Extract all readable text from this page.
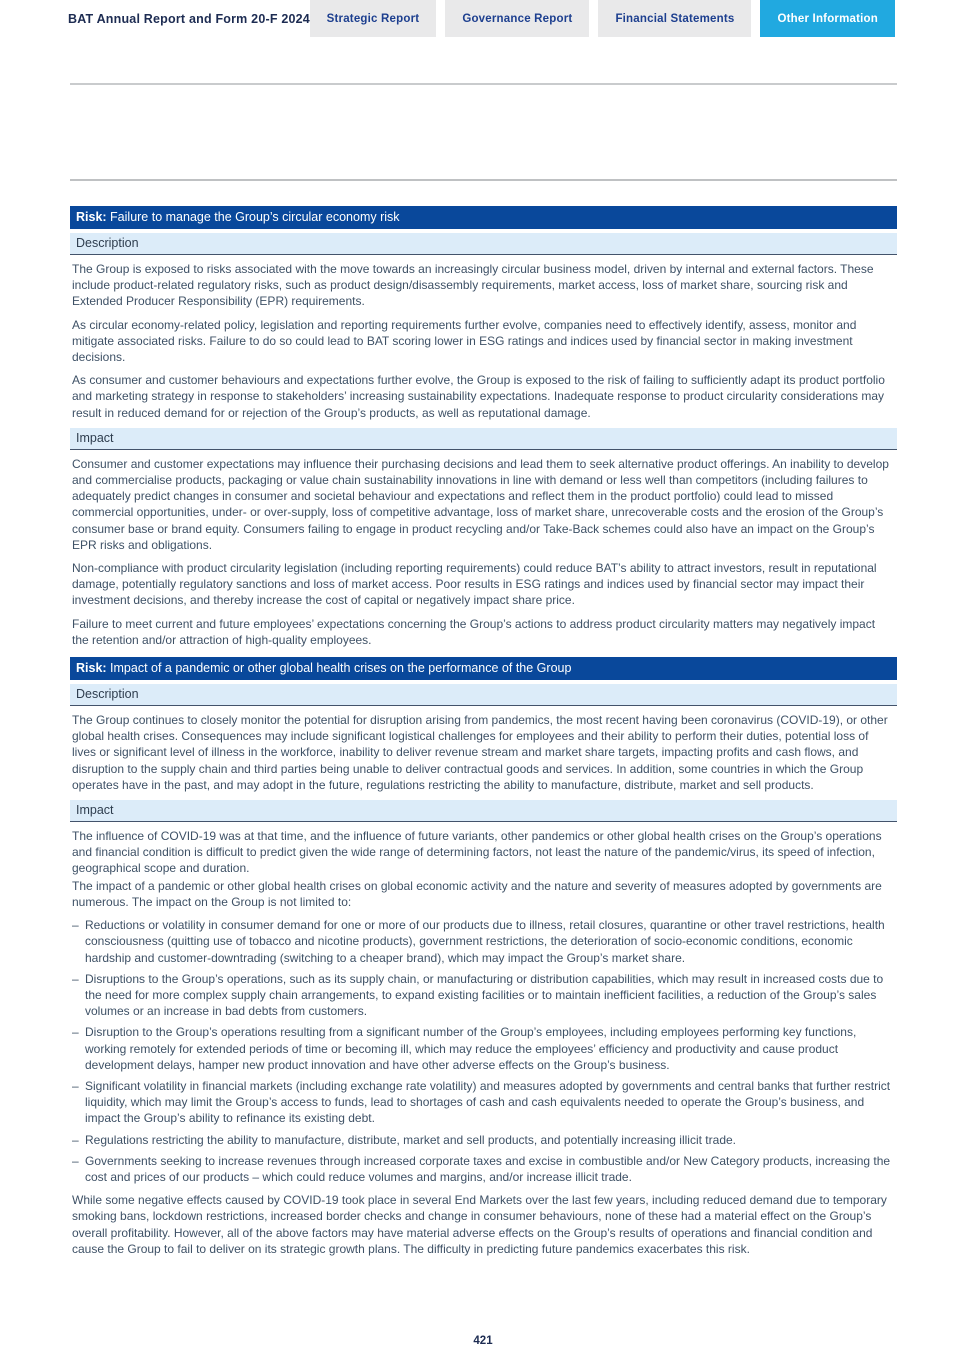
BAT Annual Report and Form 20-F 2024	Strategic Report	Governance Report	Financial Statements	Other Information
Risk: Failure to manage the Group’s circular economy risk
Description

The Group is exposed to risks associated with the move towards an increasingly circular business model, driven by internal and external factors. These include product-related regulatory risks, such as product design/disassembly requirements, market access, loss of market share, sourcing risk and Extended Producer Responsibility (EPR) requirements.

As circular economy-related policy, legislation and reporting requirements further evolve, companies need to effectively identify, assess, monitor and mitigate associated risks. Failure to do so could lead to BAT scoring lower in ESG ratings and indices used by financial sector in making investment decisions.

As consumer and customer behaviours and expectations further evolve, the Group is exposed to the risk of failing to sufficiently adapt its product portfolio and marketing strategy in response to stakeholders’ increasing sustainability expectations. Inadequate response to product circularity considerations may result in reduced demand for or rejection of the Group’s products, as well as reputational damage.

Impact

Consumer and customer expectations may influence their purchasing decisions and lead them to seek alternative product offerings. An inability to develop and commercialise products, packaging or value chain sustainability innovations in line with demand or less well than competitors (including failures to adequately predict changes in consumer and societal behaviour and expectations and reflect them in the product portfolio) could lead to missed commercial opportunities, under- or over-supply, loss of competitive advantage, loss of market share, unrecoverable costs and the erosion of the Group’s consumer base or brand equity. Consumers failing to engage in product recycling and/or Take-Back schemes could also have an impact on the Group’s EPR risks and obligations.

Non-compliance with product circularity legislation (including reporting requirements) could reduce BAT’s ability to attract investors, result in reputational damage, potentially regulatory sanctions and loss of market access. Poor results in ESG ratings and indices used by financial sector may impact their investment decisions, and thereby increase the cost of capital or negatively impact share price.

Failure to meet current and future employees’ expectations concerning the Group’s actions to address product circularity matters may negatively impact the retention and/or attraction of high-quality employees.

Risk: Impact of a pandemic or other global health crises on the performance of the Group
Description

The Group continues to closely monitor the potential for disruption arising from pandemics, the most recent having been coronavirus (COVID-19), or other global health crises. Consequences may include significant logistical challenges for employees and their ability to perform their duties, potential loss of lives or significant level of illness in the workforce, inability to deliver revenue stream and market share targets, impacting profits and cash flows, and disruption to the supply chain and third parties being unable to deliver contractual goods and services. In addition, some countries in which the Group operates have in the past, and may adopt in the future, regulations restricting the ability to manufacture, distribute, market and sell products.

Impact

The influence of COVID-19 was at that time, and the influence of future variants, other pandemics or other global health crises on the Group’s operations and financial condition is difficult to predict given the wide range of determining factors, not least the nature of the pandemic/virus, its speed of infection, geographical scope and duration.

The impact of a pandemic or other global health crises on global economic activity and the nature and severity of measures adopted by governments are numerous. The impact on the Group is not limited to:

– Reductions or volatility in consumer demand for one or more of our products due to illness, retail closures, quarantine or other travel restrictions, health consciousness (quitting use of tobacco and nicotine products), government restrictions, the deterioration of socio-economic conditions, economic hardship and customer-downtrading (switching to a cheaper brand), which may impact the Group’s market share.
– Disruptions to the Group’s operations, such as its supply chain, or manufacturing or distribution capabilities, which may result in increased costs due to the need for more complex supply chain arrangements, to expand existing facilities or to maintain inefficient facilities, a reduction of the Group’s sales volumes or an increase in bad debts from customers.
– Disruption to the Group’s operations resulting from a significant number of the Group’s employees, including employees performing key functions, working remotely for extended periods of time or becoming ill, which may reduce the employees’ efficiency and productivity and cause product development delays, hamper new product innovation and have other adverse effects on the Group’s business.
– Significant volatility in financial markets (including exchange rate volatility) and measures adopted by governments and central banks that further restrict liquidity, which may limit the Group’s access to funds, lead to shortages of cash and cash equivalents needed to operate the Group’s business, and impact the Group’s ability to refinance its existing debt.
– Regulations restricting the ability to manufacture, distribute, market and sell products, and potentially increasing illicit trade.
– Governments seeking to increase revenues through increased corporate taxes and excise in combustible and/or New Category products, increasing the cost and prices of our products – which could reduce volumes and margins, and/or increase illicit trade.

While some negative effects caused by COVID-19 took place in several End Markets over the last few years, including reduced demand due to temporary smoking bans, lockdown restrictions, increased border checks and change in consumer behaviours, none of these had a material effect on the Group’s overall profitability. However, all of the above factors may have material adverse effects on the Group’s results of operations and financial condition and cause the Group to fail to deliver on its strategic growth plans. The difficulty in predicting future pandemics exacerbates this risk.

421
